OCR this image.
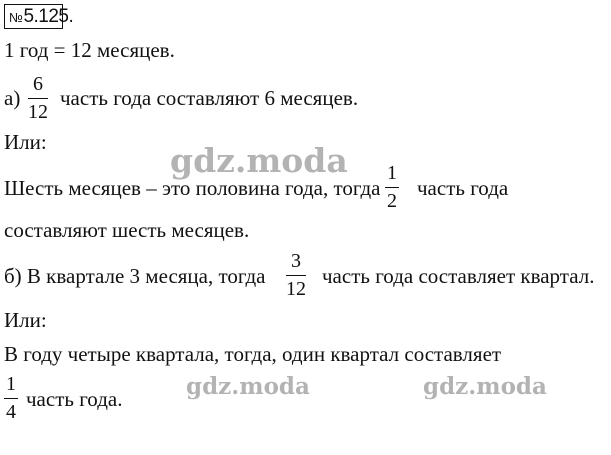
№5.125.
1 год = 12 месяцев.
а)
6
12
часть года составляют 6 месяцев.
Или:	gdz.moda
Шесть месяцев – это половина года, тогда
1
2
часть года
составляют шесть месяцев.
б) В квартале 3 месяца, тогда
3
12
часть года составляет квартал.
Или:
В году четыре квартала, тогда, один квартал составляет
gdz.moda	gdz.moda
1
4
часть года.
